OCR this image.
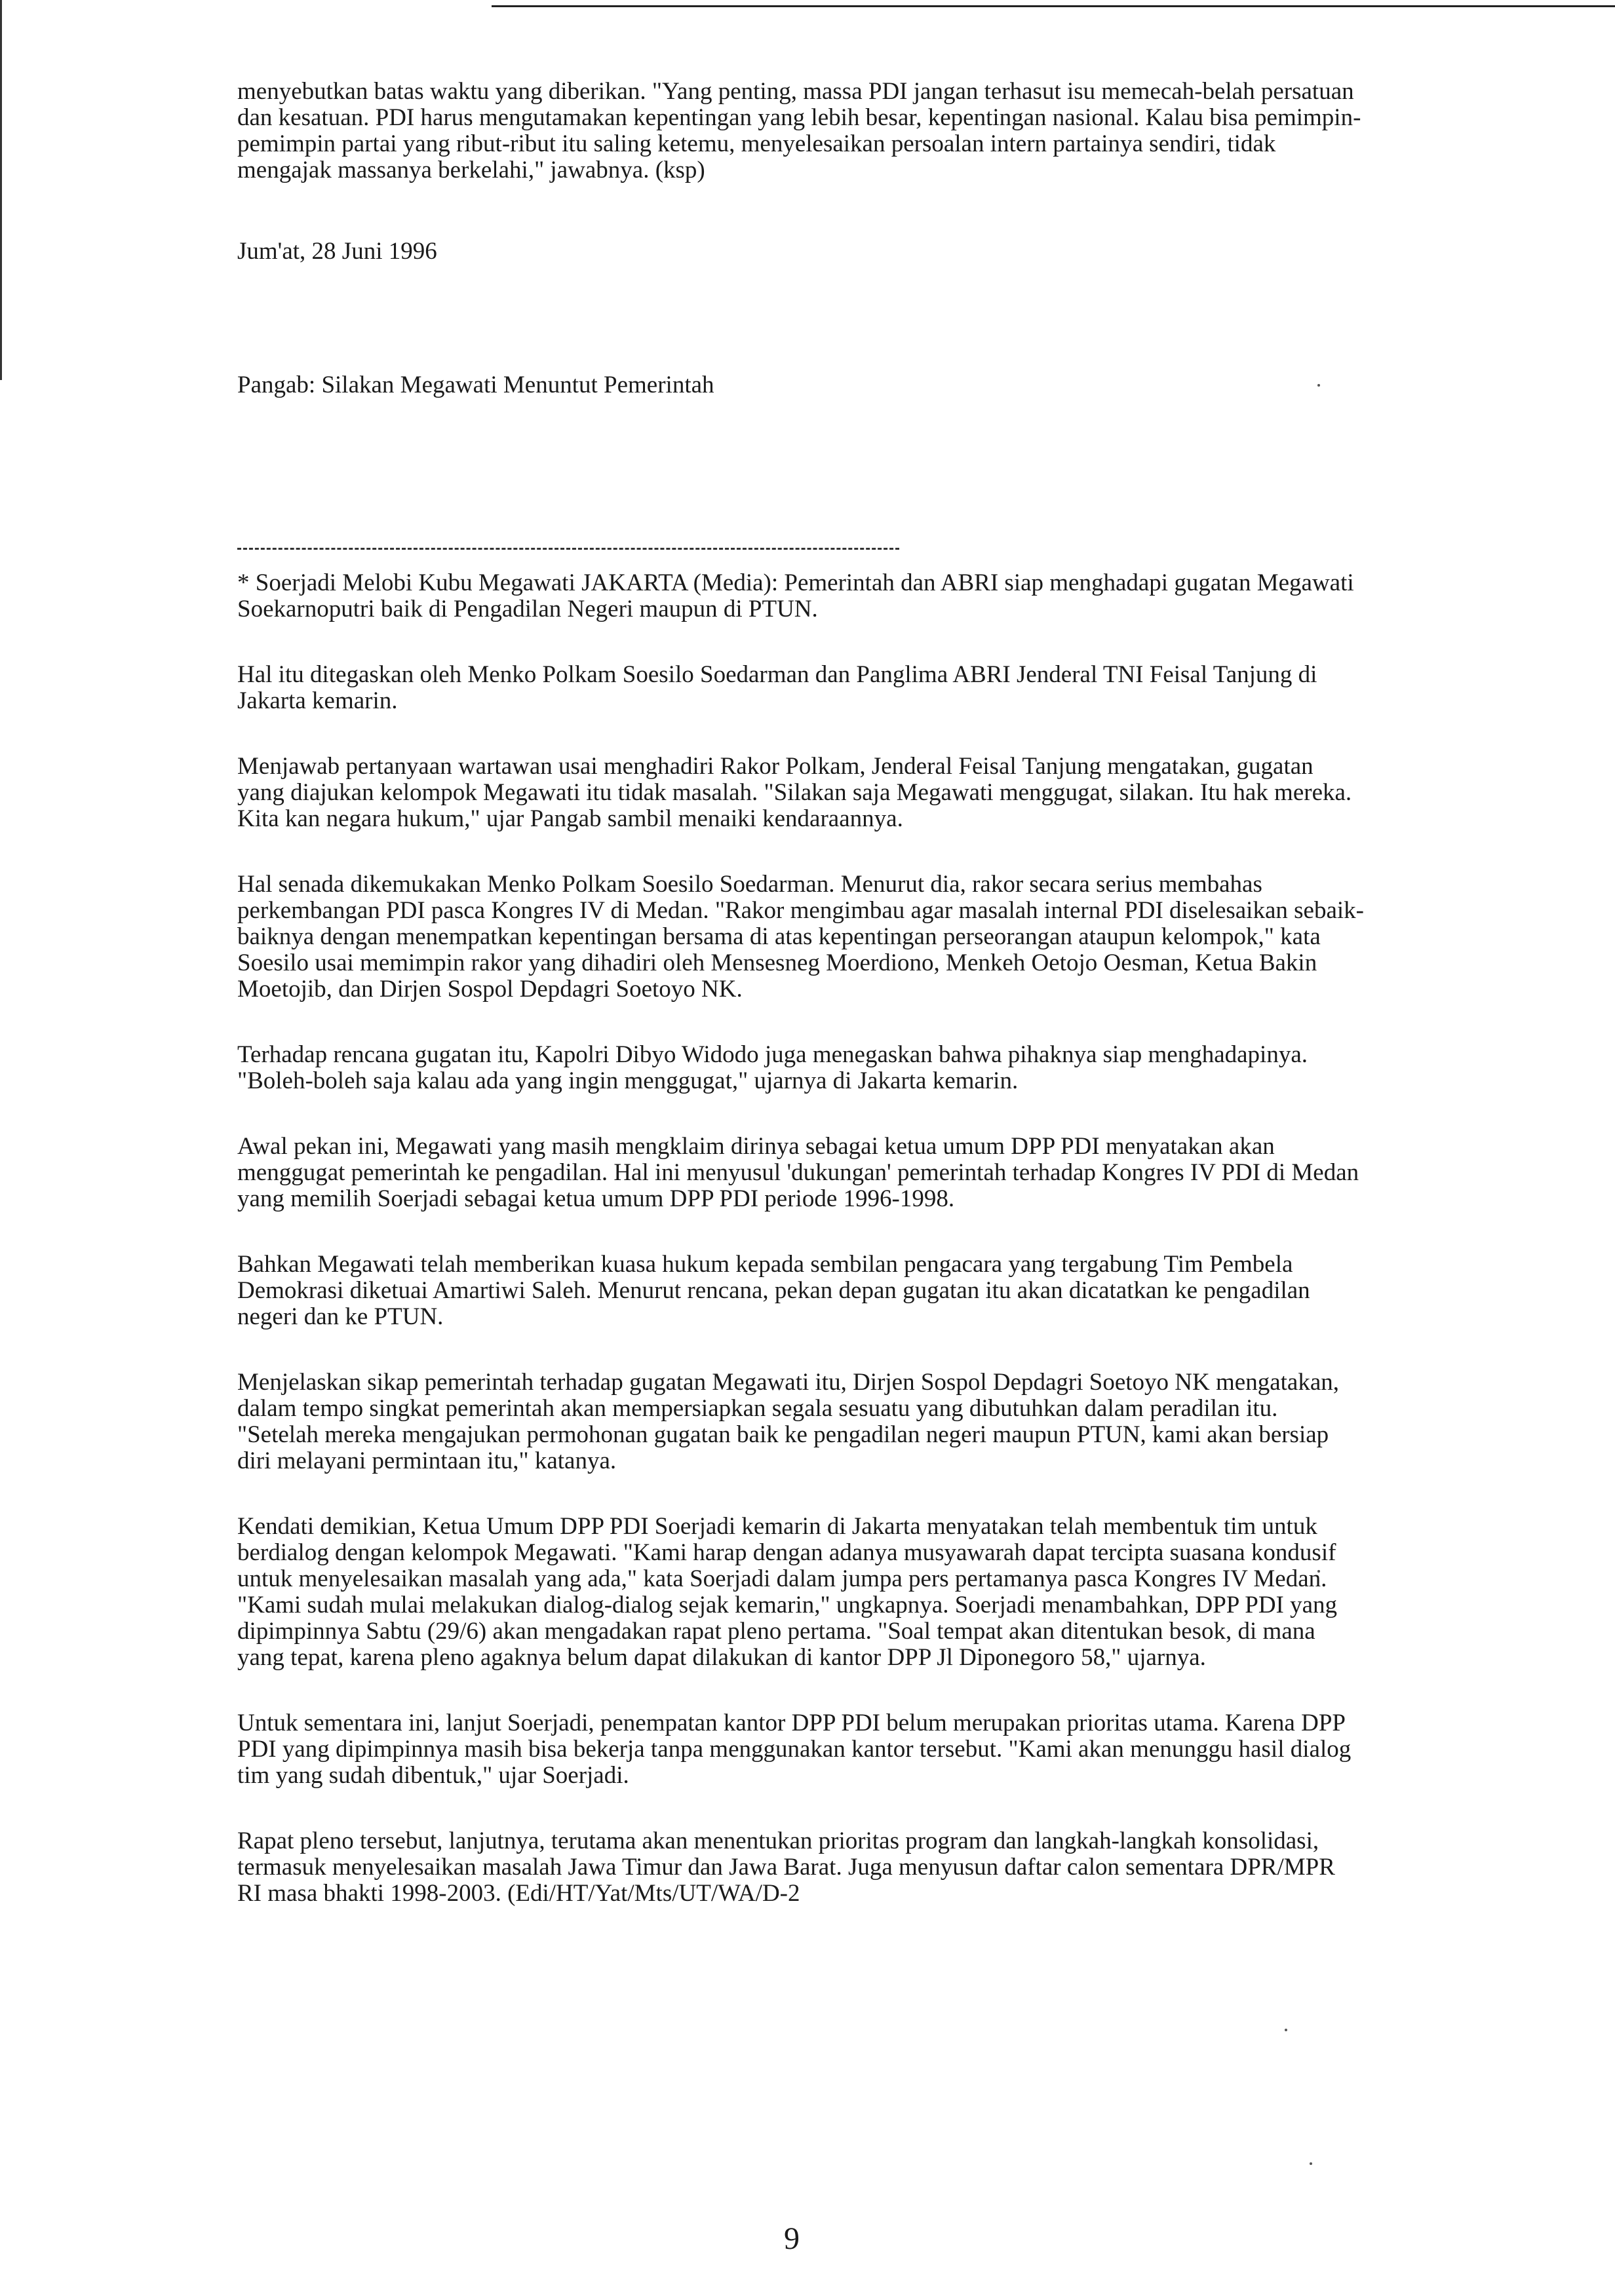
menyebutkan batas waktu yang diberikan. "Yang penting, massa PDI jangan terhasut isu memecah-belah persatuan dan kesatuan. PDI harus mengutamakan kepentingan yang lebih besar, kepentingan nasional. Kalau bisa pemimpin-pemimpin partai yang ribut-ribut itu saling ketemu, menyelesaikan persoalan intern partainya sendiri, tidak mengajak massanya berkelahi," jawabnya. (ksp)

Jum'at, 28 Juni 1996

Pangab: Silakan Megawati Menuntut Pemerintah

* Soerjadi Melobi Kubu Megawati JAKARTA (Media): Pemerintah dan ABRI siap menghadapi gugatan Megawati Soekarnoputri baik di Pengadilan Negeri maupun di PTUN.

Hal itu ditegaskan oleh Menko Polkam Soesilo Soedarman dan Panglima ABRI Jenderal TNI Feisal Tanjung di Jakarta kemarin.

Menjawab pertanyaan wartawan usai menghadiri Rakor Polkam, Jenderal Feisal Tanjung mengatakan, gugatan yang diajukan kelompok Megawati itu tidak masalah. "Silakan saja Megawati menggugat, silakan. Itu hak mereka. Kita kan negara hukum," ujar Pangab sambil menaiki kendaraannya.

Hal senada dikemukakan Menko Polkam Soesilo Soedarman. Menurut dia, rakor secara serius membahas perkembangan PDI pasca Kongres IV di Medan. "Rakor mengimbau agar masalah internal PDI diselesaikan sebaik-baiknya dengan menempatkan kepentingan bersama di atas kepentingan perseorangan ataupun kelompok," kata Soesilo usai memimpin rakor yang dihadiri oleh Mensesneg Moerdiono, Menkeh Oetojo Oesman, Ketua Bakin Moetojib, dan Dirjen Sospol Depdagri Soetoyo NK.

Terhadap rencana gugatan itu, Kapolri Dibyo Widodo juga menegaskan bahwa pihaknya siap menghadapinya. "Boleh-boleh saja kalau ada yang ingin menggugat," ujarnya di Jakarta kemarin.

Awal pekan ini, Megawati yang masih mengklaim dirinya sebagai ketua umum DPP PDI menyatakan akan menggugat pemerintah ke pengadilan. Hal ini menyusul 'dukungan' pemerintah terhadap Kongres IV PDI di Medan yang memilih Soerjadi sebagai ketua umum DPP PDI periode 1996-1998.

Bahkan Megawati telah memberikan kuasa hukum kepada sembilan pengacara yang tergabung Tim Pembela Demokrasi diketuai Amartiwi Saleh. Menurut rencana, pekan depan gugatan itu akan dicatatkan ke pengadilan negeri dan ke PTUN.

Menjelaskan sikap pemerintah terhadap gugatan Megawati itu, Dirjen Sospol Depdagri Soetoyo NK mengatakan, dalam tempo singkat pemerintah akan mempersiapkan segala sesuatu yang dibutuhkan dalam peradilan itu. "Setelah mereka mengajukan permohonan gugatan baik ke pengadilan negeri maupun PTUN, kami akan bersiap diri melayani permintaan itu," katanya.

Kendati demikian, Ketua Umum DPP PDI Soerjadi kemarin di Jakarta menyatakan telah membentuk tim untuk berdialog dengan kelompok Megawati. "Kami harap dengan adanya musyawarah dapat tercipta suasana kondusif untuk menyelesaikan masalah yang ada," kata Soerjadi dalam jumpa pers pertamanya pasca Kongres IV Medan. "Kami sudah mulai melakukan dialog-dialog sejak kemarin," ungkapnya. Soerjadi menambahkan, DPP PDI yang dipimpinnya Sabtu (29/6) akan mengadakan rapat pleno pertama. "Soal tempat akan ditentukan besok, di mana yang tepat, karena pleno agaknya belum dapat dilakukan di kantor DPP Jl Diponegoro 58," ujarnya.

Untuk sementara ini, lanjut Soerjadi, penempatan kantor DPP PDI belum merupakan prioritas utama. Karena DPP PDI yang dipimpinnya masih bisa bekerja tanpa menggunakan kantor tersebut. "Kami akan menunggu hasil dialog tim yang sudah dibentuk," ujar Soerjadi.

Rapat pleno tersebut, lanjutnya, terutama akan menentukan prioritas program dan langkah-langkah konsolidasi, termasuk menyelesaikan masalah Jawa Timur dan Jawa Barat. Juga menyusun daftar calon sementara DPR/MPR RI masa bhakti 1998-2003. (Edi/HT/Yat/Mts/UT/WA/D-2

9
